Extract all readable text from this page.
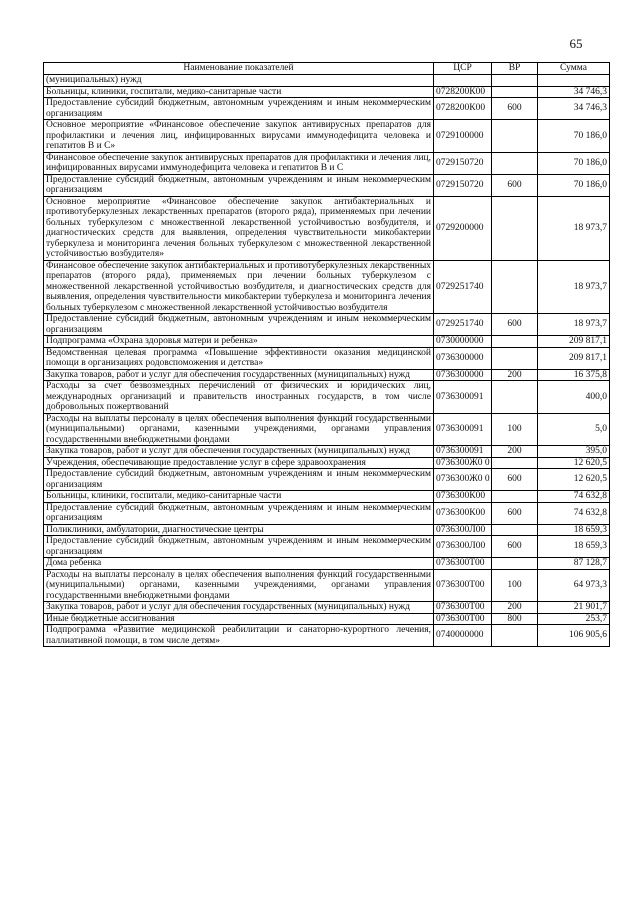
65
Наименование показателей	ЦСР	ВР	Сумма
(муниципальных) нужд			
Больницы, клиники, госпитали, медико-санитарные части	0728200К00		34 746,3
Предоставление субсидий бюджетным, автономным учреждениям и иным некоммерческим организациям	0728200К00	600	34 746,3
Основное мероприятие «Финансовое обеспечение закупок антивирусных препаратов для профилактики и лечения лиц, инфицированных вирусами иммунодефицита человека и гепатитов В и С»	0729100000		70 186,0
Финансовое обеспечение закупок антивирусных препаратов для профилактики и лечения лиц, инфицированных вирусами иммунодефицита человека и гепатитов В и С	0729150720		70 186,0
Предоставление субсидий бюджетным, автономным учреждениям и иным некоммерческим организациям	0729150720	600	70 186,0
Основное мероприятие «Финансовое обеспечение закупок антибактериальных и противотуберкулезных лекарственных препаратов (второго ряда), применяемых при лечении больных туберкулезом с множественной лекарственной устойчивостью возбудителя, и диагностических средств для выявления, определения чувствительности микобактерии туберкулеза и мониторинга лечения больных туберкулезом с множественной лекарственной устойчивостью возбудителя»	0729200000		18 973,7
Финансовое обеспечение закупок антибактериальных и противотуберкулезных лекарственных препаратов (второго ряда), применяемых при лечении больных туберкулезом с множественной лекарственной устойчивостью возбудителя, и диагностических средств для выявления, определения чувствительности микобактерии туберкулеза и мониторинга лечения больных туберкулезом с множественной лекарственной устойчивостью возбудителя	0729251740		18 973,7
Предоставление субсидий бюджетным, автономным учреждениям и иным некоммерческим организациям	0729251740	600	18 973,7
Подпрограмма «Охрана здоровья матери и ребенка»	0730000000		209 817,1
Ведомственная целевая программа «Повышение эффективности оказания медицинской помощи в организациях родовспоможения и детства»	0736300000		209 817,1
Закупка товаров, работ и услуг для обеспечения государственных (муниципальных) нужд	0736300000	200	16 375,8
Расходы за счет безвозмездных перечислений от физических и юридических лиц, международных организаций и правительств иностранных государств, в том числе добровольных пожертвований	0736300091		400,0
Расходы на выплаты персоналу в целях обеспечения выполнения функций государственными (муниципальными) органами, казенными учреждениями, органами управления государственными внебюджетными фондами	0736300091	100	5,0
Закупка товаров, работ и услуг для обеспечения государственных (муниципальных) нужд	0736300091	200	395,0
Учреждения, обеспечивающие предоставление услуг в сфере здравоохранения	0736300Ж0 0		12 620,5
Предоставление субсидий бюджетным, автономным учреждениям и иным некоммерческим организациям	0736300Ж0 0	600	12 620,5
Больницы, клиники, госпитали, медико-санитарные части	0736300К00		74 632,8
Предоставление субсидий бюджетным, автономным учреждениям и иным некоммерческим организациям	0736300К00	600	74 632,8
Поликлиники, амбулатории, диагностические центры	0736300Л00		18 659,3
Предоставление субсидий бюджетным, автономным учреждениям и иным некоммерческим организациям	0736300Л00	600	18 659,3
Дома ребенка	0736300Т00		87 128,7
Расходы на выплаты персоналу в целях обеспечения выполнения функций государственными (муниципальными) органами, казенными учреждениями, органами управления государственными внебюджетными фондами	0736300Т00	100	64 973,3
Закупка товаров, работ и услуг для обеспечения государственных (муниципальных) нужд	0736300Т00	200	21 901,7
Иные бюджетные ассигнования	0736300Т00	800	253,7
Подпрограмма «Развитие медицинской реабилитации и санаторно-курортного лечения, паллиативной помощи, в том числе детям»	0740000000		106 905,6
